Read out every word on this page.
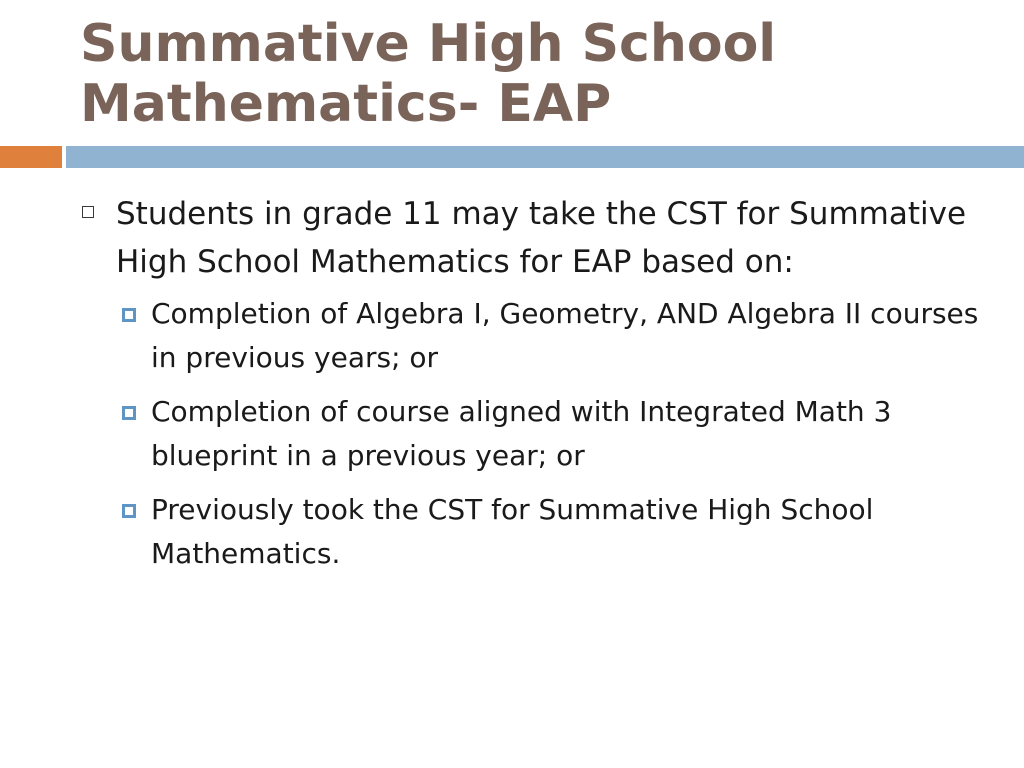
Summative High School Mathematics- EAP
Students in grade 11 may take the CST for Summative High School Mathematics for EAP based on:
Completion of Algebra I, Geometry, AND Algebra II courses in previous years; or
Completion of course aligned with Integrated Math 3 blueprint in a previous year; or
Previously took the CST for Summative High School Mathematics.
